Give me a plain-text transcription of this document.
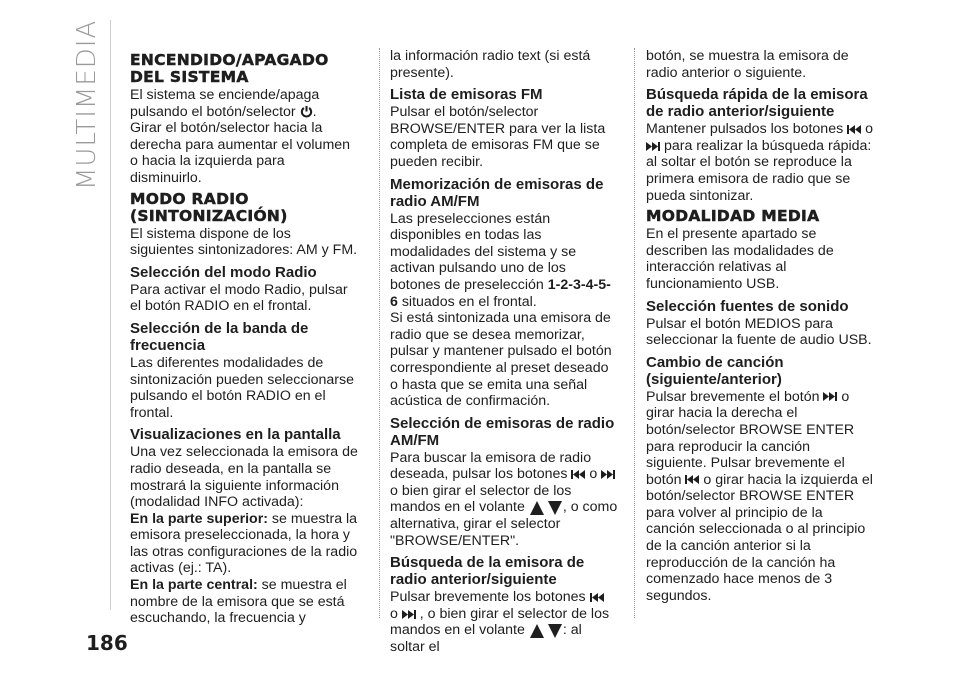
MULTIMEDIA
186
ENCENDIDO/APAGADO DEL SISTEMA

El sistema se enciende/apaga pulsando el botón/selector .

Girar el botón/selector hacia la derecha para aumentar el volumen o hacia la izquierda para disminuirlo.

MODO RADIO (SINTONIZACIÓN)

El sistema dispone de los siguientes sintonizadores: AM y FM.

Selección del modo Radio

Para activar el modo Radio, pulsar el botón RADIO en el frontal.

Selección de la banda de frecuencia

Las diferentes modalidades de sintonización pueden seleccionarse pulsando el botón RADIO en el frontal.

Visualizaciones en la pantalla

Una vez seleccionada la emisora de radio deseada, en la pantalla se mostrará la siguiente información (modalidad INFO activada):

En la parte superior: se muestra la emisora preseleccionada, la hora y las otras configuraciones de la radio activas (ej.: TA).

En la parte central: se muestra el nombre de la emisora que se está escuchando, la frecuencia y

la información radio text (si está presente).

Lista de emisoras FM

Pulsar el botón/selector BROWSE/ENTER para ver la lista completa de emisoras FM que se pueden recibir.

Memorización de emisoras de radio AM/FM

Las preselecciones están disponibles en todas las modalidades del sistema y se activan pulsando uno de los botones de preselección 1-2-3-4-5-6 situados en el frontal.

Si está sintonizada una emisora de radio que se desea memorizar, pulsar y mantener pulsado el botón correspondiente al preset deseado o hasta que se emita una señal acústica de confirmación.

Selección de emisoras de radio AM/FM

Para buscar la emisora de radio deseada, pulsar los botones
o
o bien girar el selector de los mandos en el volante
, o como alternativa, girar el selector "BROWSE/ENTER".

Búsqueda de la emisora de radio anterior/siguiente

Pulsar brevemente los botones

o
, o bien girar el selector de los mandos en el volante
: al soltar el

botón, se muestra la emisora de radio anterior o siguiente.

Búsqueda rápida de la emisora de radio anterior/siguiente

Mantener pulsados los botones
o
para realizar la búsqueda rápida: al soltar el botón se reproduce la primera emisora de radio que se pueda sintonizar.

MODALIDAD MEDIA

En el presente apartado se describen las modalidades de interacción relativas al funcionamiento USB.

Selección fuentes de sonido

Pulsar el botón MEDIOS para seleccionar la fuente de audio USB.

Cambio de canción (siguiente/anterior)

Pulsar brevemente el botón
o girar hacia la derecha el botón/selector BROWSE ENTER para reproducir la canción siguiente. Pulsar brevemente el botón
o girar hacia la izquierda el botón/selector BROWSE ENTER para volver al principio de la canción seleccionada o al principio de la canción anterior si la reproducción de la canción ha comenzado hace menos de 3 segundos.
